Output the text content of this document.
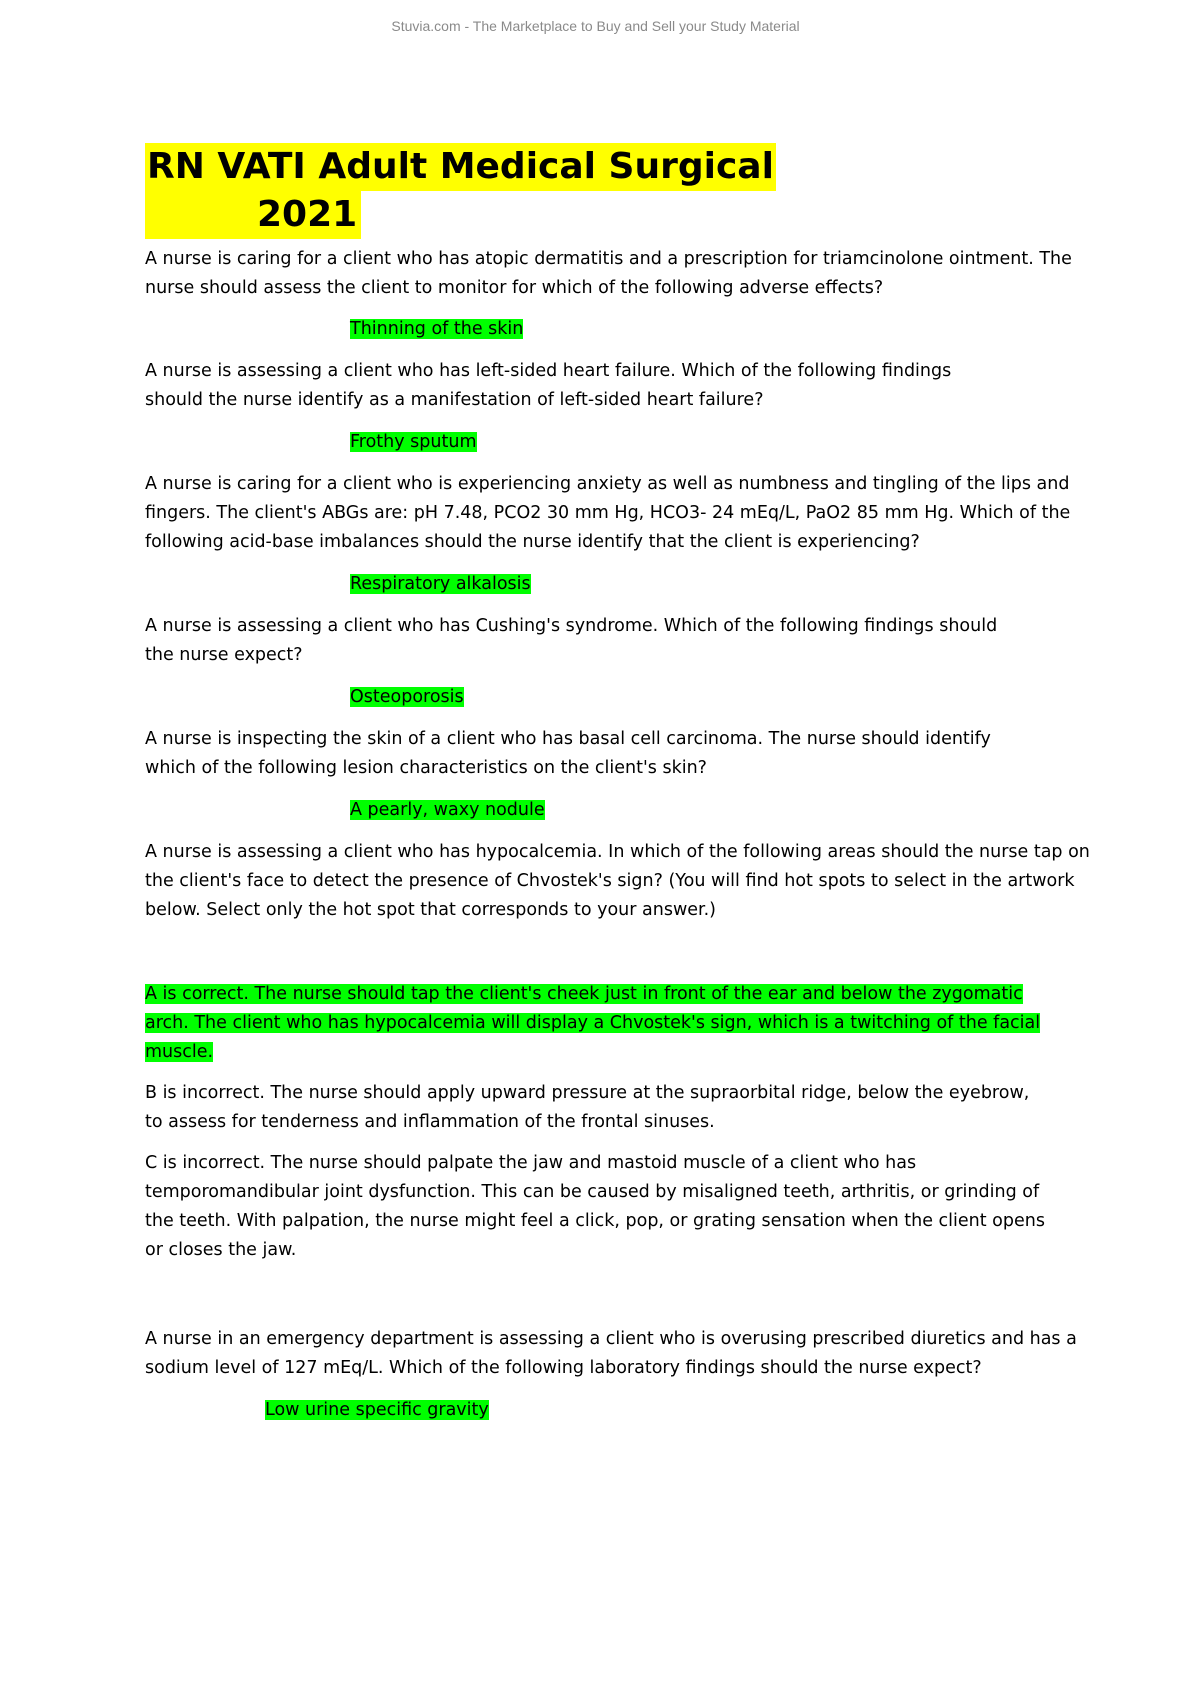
Stuvia.com - The Marketplace to Buy and Sell your Study Material
RN VATI Adult Medical Surgical
2021

A nurse is caring for a client who has atopic dermatitis and a prescription for triamcinolone ointment. The nurse should assess the client to monitor for which of the following adverse effects?

Thinning of the skin

A nurse is assessing a client who has left-sided heart failure. Which of the following findings should the nurse identify as a manifestation of left-sided heart failure?

Frothy sputum

A nurse is caring for a client who is experiencing anxiety as well as numbness and tingling of the lips and fingers. The client's ABGs are: pH 7.48, PCO2 30 mm Hg, HCO3- 24 mEq/L, PaO2 85 mm Hg. Which of the following acid-base imbalances should the nurse identify that the client is experiencing?

Respiratory alkalosis

A nurse is assessing a client who has Cushing's syndrome. Which of the following findings should the nurse expect?

Osteoporosis

A nurse is inspecting the skin of a client who has basal cell carcinoma. The nurse should identify which of the following lesion characteristics on the client's skin?

A pearly, waxy nodule

A nurse is assessing a client who has hypocalcemia. In which of the following areas should the nurse tap on the client's face to detect the presence of Chvostek's sign? (You will find hot spots to select in the artwork below. Select only the hot spot that corresponds to your answer.)

A is correct. The nurse should tap the client's cheek just in front of the ear and below the zygomatic arch. The client who has hypocalcemia will display a Chvostek's sign, which is a twitching of the facial muscle.

B is incorrect. The nurse should apply upward pressure at the supraorbital ridge, below the eyebrow, to assess for tenderness and inflammation of the frontal sinuses.

C is incorrect. The nurse should palpate the jaw and mastoid muscle of a client who has temporomandibular joint dysfunction. This can be caused by misaligned teeth, arthritis, or grinding of the teeth. With palpation, the nurse might feel a click, pop, or grating sensation when the client opens or closes the jaw.

A nurse in an emergency department is assessing a client who is overusing prescribed diuretics and has a sodium level of 127 mEq/L. Which of the following laboratory findings should the nurse expect?

Low urine specific gravity
